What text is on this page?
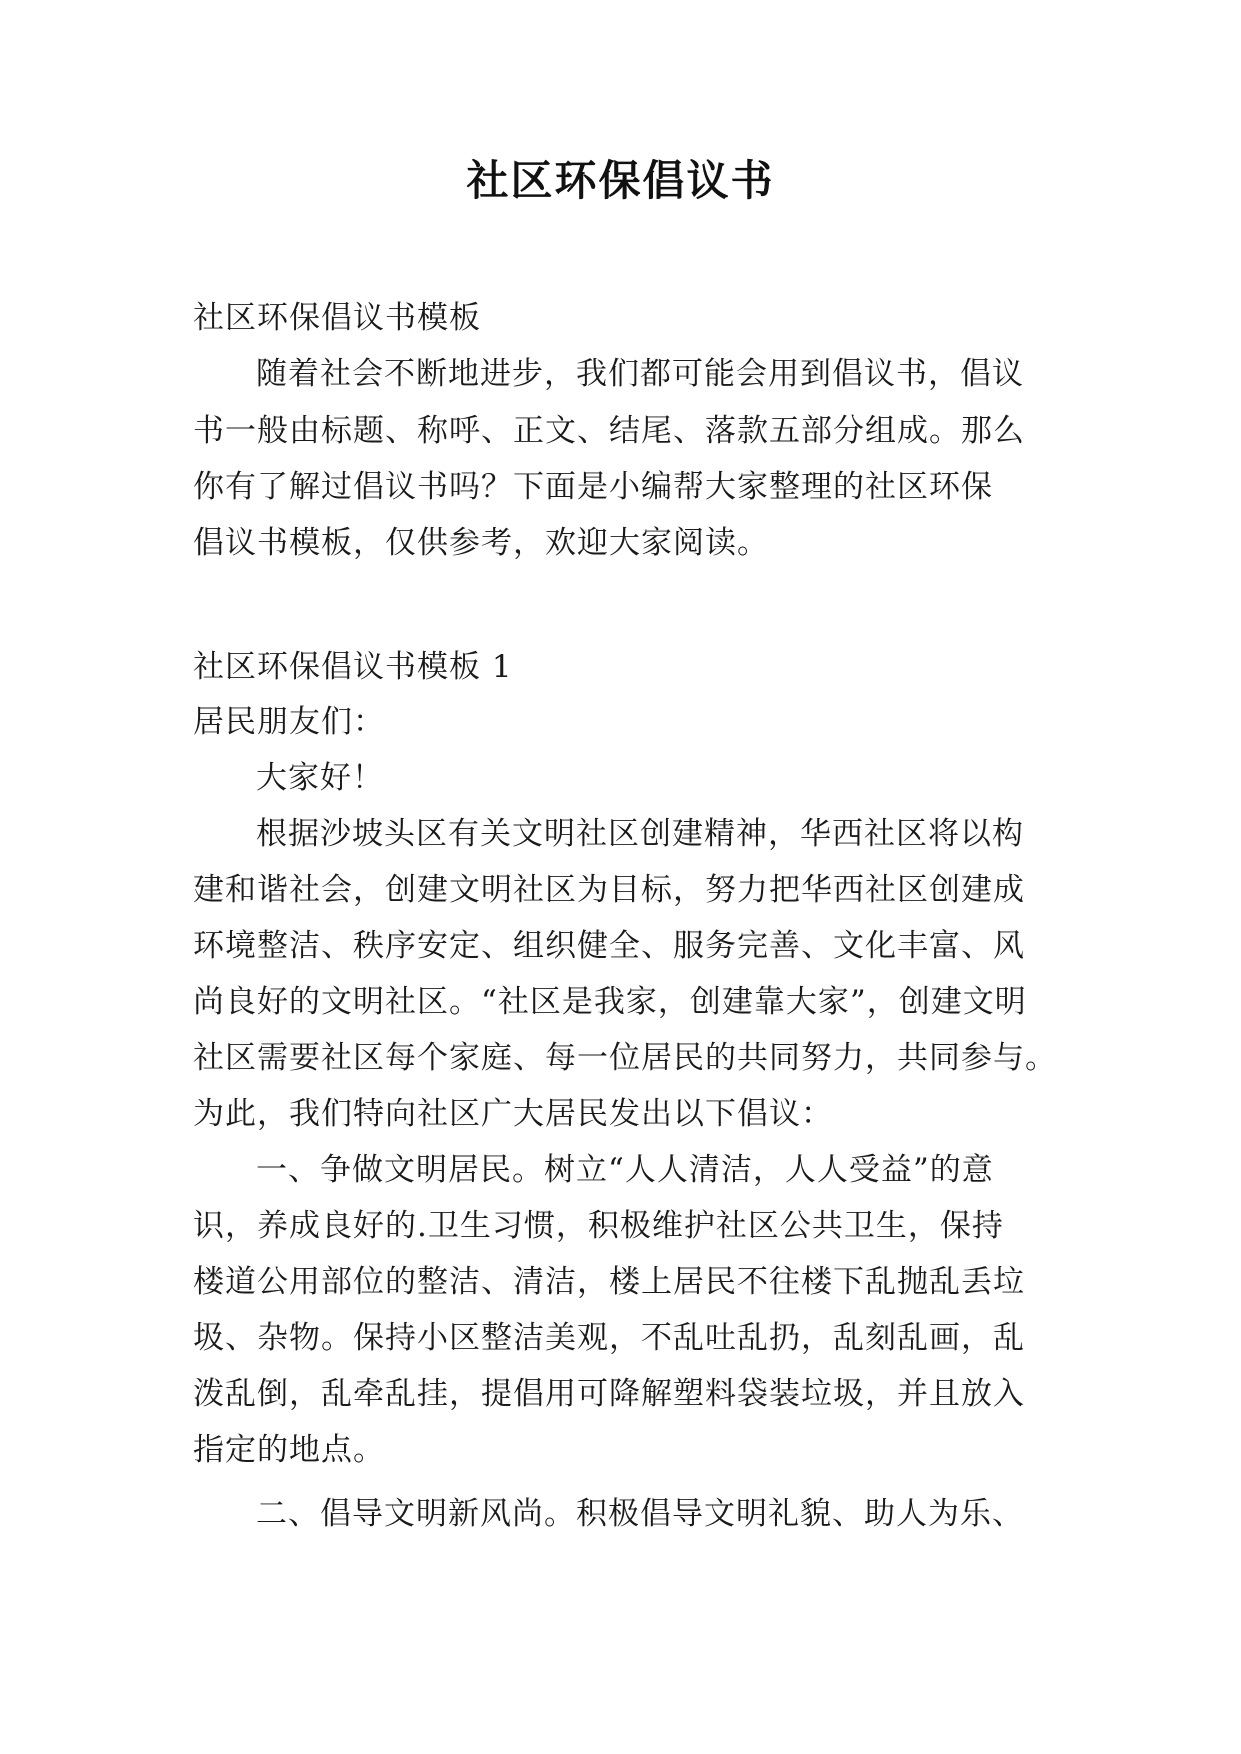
社区环保倡议书
社区环保倡议书模板
随着社会不断地进步，我们都可能会用到倡议书，倡议
书一般由标题、称呼、正文、结尾、落款五部分组成。那么
你有了解过倡议书吗？下面是小编帮大家整理的社区环保
倡议书模板，仅供参考，欢迎大家阅读。
社区环保倡议书模板 1
居民朋友们：
大家好！
根据沙坡头区有关文明社区创建精神，华西社区将以构
建和谐社会，创建文明社区为目标，努力把华西社区创建成
环境整洁、秩序安定、组织健全、服务完善、文化丰富、风
尚良好的文明社区。“社区是我家，创建靠大家”，创建文明
社区需要社区每个家庭、每一位居民的共同努力，共同参与。
为此，我们特向社区广大居民发出以下倡议：
一、争做文明居民。树立“人人清洁，人人受益”的意
识，养成良好的.卫生习惯，积极维护社区公共卫生，保持
楼道公用部位的整洁、清洁，楼上居民不往楼下乱抛乱丢垃
圾、杂物。保持小区整洁美观，不乱吐乱扔，乱刻乱画，乱
泼乱倒，乱牵乱挂，提倡用可降解塑料袋装垃圾，并且放入
指定的地点。
二、倡导文明新风尚。积极倡导文明礼貌、助人为乐、
